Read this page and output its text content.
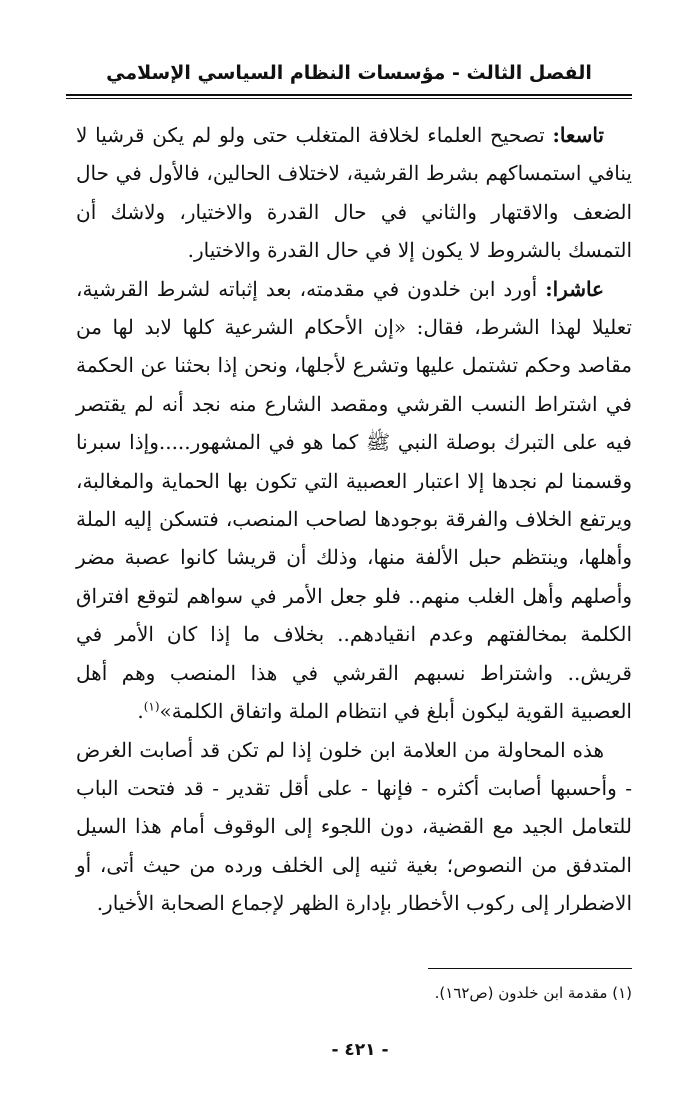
الفصل الثالث - مؤسسات النظام السياسي الإسلامي

تاسعا: تصحيح العلماء لخلافة المتغلب حتى ولو لم يكن قرشيا لا ينافي استمساكهم بشرط القرشية، لاختلاف الحالين، فالأول في حال الضعف والاقتهار والثاني في حال القدرة والاختيار، ولاشك أن التمسك بالشروط لا يكون إلا في حال القدرة والاختيار.

عاشرا: أورد ابن خلدون في مقدمته، بعد إثباته لشرط القرشية، تعليلا لهذا الشرط، فقال: «إن الأحكام الشرعية كلها لابد لها من مقاصد وحكم تشتمل عليها وتشرع لأجلها، ونحن إذا بحثنا عن الحكمة في اشتراط النسب القرشي ومقصد الشارع منه نجد أنه لم يقتصر فيه على التبرك بوصلة النبي ﷺ كما هو في المشهور.....وإذا سبرنا وقسمنا لم نجدها إلا اعتبار العصبية التي تكون بها الحماية والمغالبة، ويرتفع الخلاف والفرقة بوجودها لصاحب المنصب، فتسكن إليه الملة وأهلها، وينتظم حبل الألفة منها، وذلك أن قريشا كانوا عصبة مضر وأصلهم وأهل الغلب منهم.. فلو جعل الأمر في سواهم لتوقع افتراق الكلمة بمخالفتهم وعدم انقيادهم.. بخلاف ما إذا كان الأمر في قريش.. واشتراط نسبهم القرشي في هذا المنصب وهم أهل العصبية القوية ليكون أبلغ في انتظام الملة واتفاق الكلمة»$^{(١)}$.

هذه المحاولة من العلامة ابن خلون إذا لم تكن قد أصابت الغرض - وأحسبها أصابت أكثره - فإنها - على أقل تقدير - قد فتحت الباب للتعامل الجيد مع القضية، دون اللجوء إلى الوقوف أمام هذا السيل المتدفق من النصوص؛ بغية ثنيه إلى الخلف ورده من حيث أتى، أو الاضطرار إلى ركوب الأخطار بإدارة الظهر لإجماع الصحابة الأخيار.

(١) مقدمة ابن خلدون (ص١٦٢).
- ٤٢١ -
